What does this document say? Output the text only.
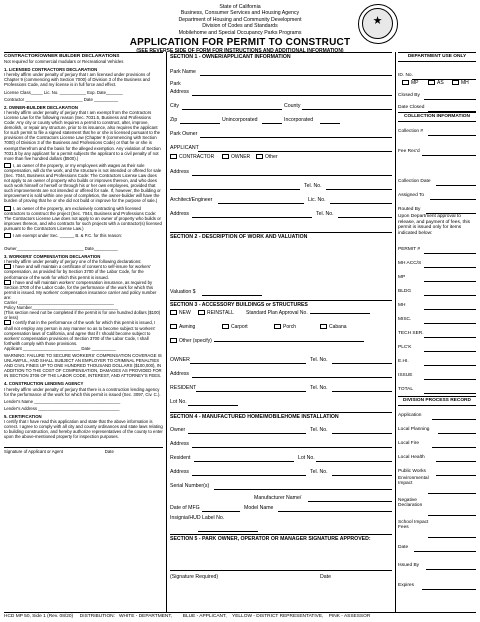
State of California
Business, Consumer Services and Housing Agency
Department of Housing and Community Development
Division of Codes and Standards
Mobilehome and Special Occupancy Parks Programs
APPLICATION FOR PERMIT TO CONSTRUCT
(SEE REVERSE SIDE OF FORM FOR INSTRUCTIONS AND ADDITIONAL INFORMATION)
★
CONTRACTOR/OWNER BUILDER DECLARATIONS
Not required for commercial modulars or Recreational Vehicles
1. LICENSED CONTRACTORS DECLARATION
I hereby affirm under penalty of perjury that I am licensed under provisions of Chapter 9 (commencing with Section 7000) of Division 3 of the Business and Professions Code, and my license is in full force and effect.
License Class_____ Lic. No. ___________ Exp. Date_______
Contractor ________________________ Date __________
2. OWNER-BUILDER DECLARATION
I hereby affirm under penalty of perjury that I am exempt from the Contractors License Law for the following reason (Sec. 7031.5, Business and Professions Code: Any city or county which requires a permit to construct, alter, improve, demolish, or repair any structure, prior to its issuance, also requires the applicant for such permit to file a signed statement that he or she is licensed pursuant to the provisions of the Contractors License Law (Chapter 9 (commencing with Section 7000) of Division 3 of the Business and Professions Code) or that he or she is exempt therefrom and the basis for the alleged exemption. Any violation of Section 7031.5 by any applicant for a permit subjects the applicant to a civil penalty of not more than five hundred dollars ($500).)
I, as owner of the property, or my employees with wages as their sole compensation, will do the work, and the structure is not intended or offered for sale (Sec. 7044, Business and Professions Code: The Contractors License Law does not apply to an owner of property who builds or improves thereon, and who does such work himself or herself or through his or her own employees, provided that such improvements are not intended or offered for sale. If, however, the building or improvement is sold within one year of completion, the owner-builder will have the burden of proving that he or she did not build or improve for the purpose of sale.)
I, as owner of the property, am exclusively contracting with licensed contractors to construct the project (Sec. 7044, Business and Professions Code: The Contractors License Law does not apply to an owner of property who builds or improves thereon, and who contracts for such projects with a contractor(s) licensed pursuant to the Contractors License Law.)
I am exempt under Sec. ______ B. & P.C. for this reason:
Owner____________________________ Date__________
3. WORKERS' COMPENSATION DECLARATION
I hereby affirm under penalty of perjury one of the following declarations:
I have and will maintain a certificate of consent to self-insure for workers' compensation, as provided for by Section 3700 of the Labor Code, for the performance of the work for which this permit is issued.
I have and will maintain workers' compensation insurance, as required by Section 3700 of the Labor Code, for the performance of the work for which this permit is issued. My workers' compensation insurance carrier and policy number are:
Carrier ________________________________________
Policy Number____________________________________
(This section need not be completed if the permit is for one hundred dollars ($100) or less)
I certify that in the performance of the work for which this permit is issued, I shall not employ any person in any manner so as to become subject to workers' compensation laws of California, and agree that if I should become subject to workers' compensation provisions of Section 3700 of the Labor Code, I shall forthwith comply with those provisions.
Applicant ________________________ Date __________
WARNING: FAILURE TO SECURE WORKERS' COMPENSATION COVERAGE IS UNLAWFUL, AND SHALL SUBJECT AN EMPLOYER TO CRIMINAL PENALTIES AND CIVIL FINES UP TO ONE HUNDRED THOUSAND DOLLARS ($100,000), IN ADDITION TO THE COST OF COMPENSATION, DAMAGES AS PROVIDED FOR IN SECTION 3706 OF THE LABOR CODE, INTEREST, AND ATTORNEY'S FEES.
4. CONSTRUCTION LENDING AGENCY
I hereby affirm under penalty of perjury that there is a construction lending agency for the performance of the work for which this permit is issued (Sec. 3097, Civ. C.).
Lender's Name ____________________________________
Lender's Address __________________________________
5. CERTIFICATION
I certify that I have read this application and state that the above information is correct. I agree to comply with all city and county ordinances and state laws relating to building construction, and hereby authorize representatives of the county to enter upon the above-mentioned property for inspection purposes.
Signature of Applicant or Agent                                   Date
SECTION 1 - OWNER/APPLICANT INFORMATION
Park Name
Park
Address
City	County
Zip	Unincorporated	Incorporated
Park Owner
APPLICANT
CONTRACTOR	OWNER	Other
Address
Tel. No.
Architect/Engineer	Lic. No.
Address	Tel. No.
SECTION 2 - DESCRIPTION OF WORK AND VALUATION
Valuation $
SECTION 3 - ACCESSORY BUILDINGS or STRUCTURES
NEW	REINSTALL Standard Plan Approval No.
Awning	Carport	Porch	Cabana
Other (specify)
OWNER	Tel. No.
Address
RESIDENT	Tel. No.
Lot No.
SECTION 4 - MANUFACTURED HOME/MOBILEHOME INSTALLATION
Owner	Tel. No.
Address
Resident	Lot No.
Address	Tel. No.
Serial Number(s)
Manufacturer Name/
Date of MFG	Model Name
Insignia/HUD Label No.
SECTION 5 - PARK OWNER, OPERATOR OR MANAGER SIGNATURE APPROVED:
(Signature Required)	Date
DEPARTMENT USE ONLY
ID. No.
MP	AS	MH
Closed By
Date Closed
COLLECTION INFORMATION
Collection #
Fee Rec'd
Collection Date
Assigned To
Routed By
Upon Department approval to release, and payment of fees, this permit is issued only for items indicated below:
PERMIT #
MH ACC/S
MP
BLDG
MH
MISC.
TECH SER.
PLC'K
E.HI.
ISSUE
TOTAL
DIVISION PROCESS RECORD
Application
Local Planning
Local Fire
Local Health
Public Works
Environmental Impact
Negative Declaration
School Impact Fees
Date
Issued By
Expires
HCD MP 50, Side 1 (Rev. 08/20)     DISTRIBUTION:   WHITE - DEPARTMENT,        BLUE - APPLICANT,    YELLOW - DISTRICT REPRESENTATIVE,    PINK - ASSESSOR
